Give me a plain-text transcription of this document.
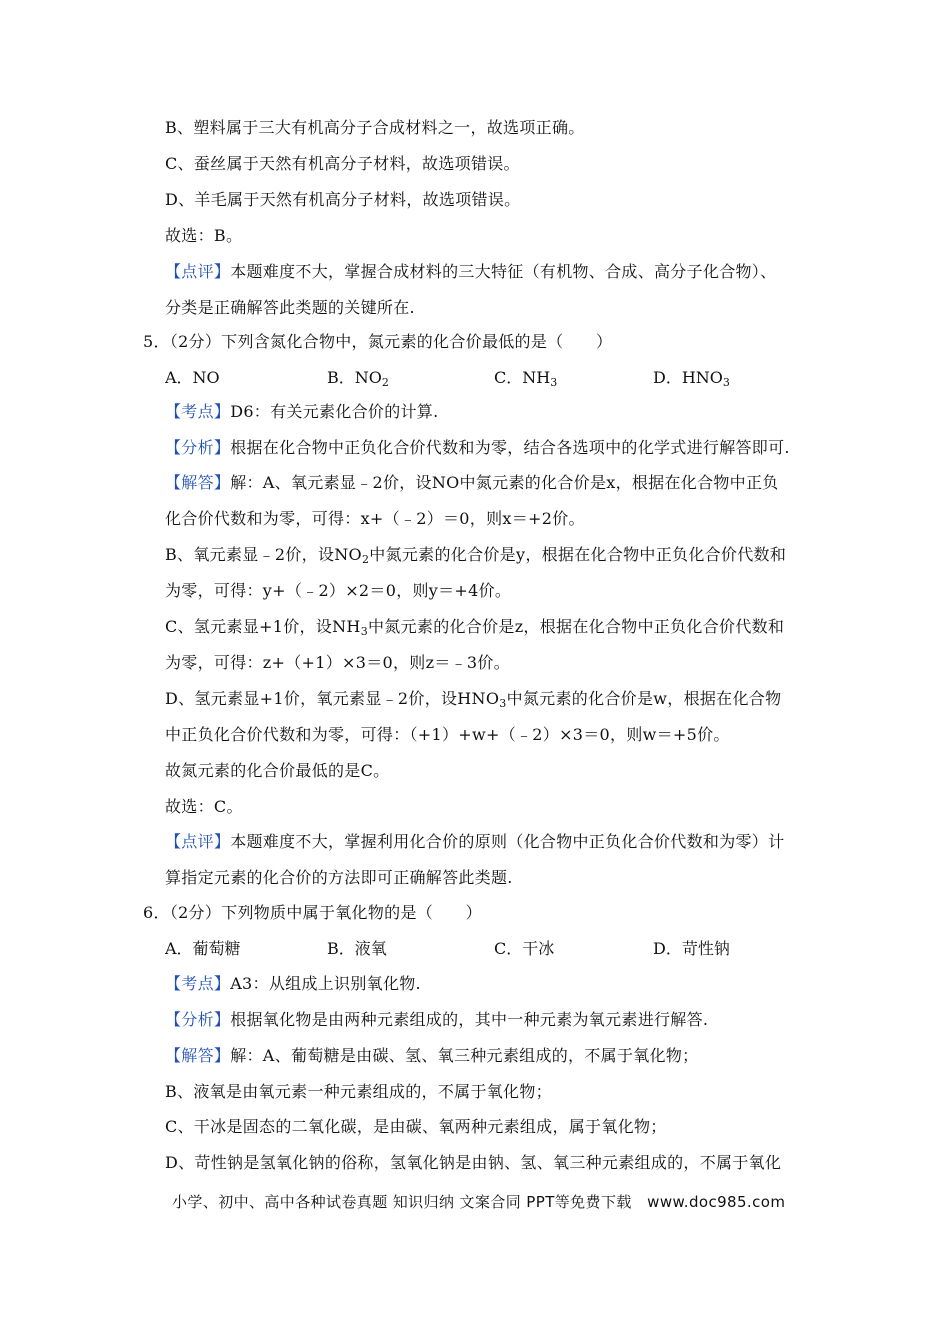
B、塑料属于三大有机高分子合成材料之一，故选项正确。
C、蚕丝属于天然有机高分子材料，故选项错误。
D、羊毛属于天然有机高分子材料，故选项错误。
故选：B。
【点评】本题难度不大，掌握合成材料的三大特征（有机物、合成、高分子化合物）、
分类是正确解答此类题的关键所在.
5．（2分）下列含氮化合物中，氮元素的化合价最低的是（　　）
A．NO	B．$NO_2$	C．$NH_3$	D．$HNO_3$
【考点】D6：有关元素化合价的计算.
【分析】根据在化合物中正负化合价代数和为零，结合各选项中的化学式进行解答即可.
【解答】解：A、氧元素显﹣2价，设NO中氮元素的化合价是x，根据在化合物中正负
化合价代数和为零，可得：x+（﹣2）＝0，则x＝+2价。
B、氧元素显﹣2价，设$NO_2$中氮元素的化合价是y，根据在化合物中正负化合价代数和
为零，可得：y+（﹣2）×2＝0，则y＝+4价。
C、氢元素显+1价，设$NH_3$中氮元素的化合价是z，根据在化合物中正负化合价代数和
为零，可得：z+（+1）×3＝0，则z＝﹣3价。
D、氢元素显+1价，氧元素显﹣2价，设$HNO_3$中氮元素的化合价是w，根据在化合物
中正负化合价代数和为零，可得：（+1）+w+（﹣2）×3＝0，则w＝+5价。
故氮元素的化合价最低的是C。
故选：C。
【点评】本题难度不大，掌握利用化合价的原则（化合物中正负化合价代数和为零）计
算指定元素的化合价的方法即可正确解答此类题.
6．（2分）下列物质中属于氧化物的是（　　）
A．葡萄糖	B．液氧	C．干冰	D．苛性钠
【考点】A3：从组成上识别氧化物.
【分析】根据氧化物是由两种元素组成的，其中一种元素为氧元素进行解答.
【解答】解：A、葡萄糖是由碳、氢、氧三种元素组成的，不属于氧化物；
B、液氧是由氧元素一种元素组成的，不属于氧化物；
C、干冰是固态的二氧化碳，是由碳、氧两种元素组成，属于氧化物；
D、苛性钠是氢氧化钠的俗称，氢氧化钠是由钠、氢、氧三种元素组成的，不属于氧化
小学、初中、高中各种试卷真题 知识归纳 文案合同 PPT等免费下载　www.doc985.com
